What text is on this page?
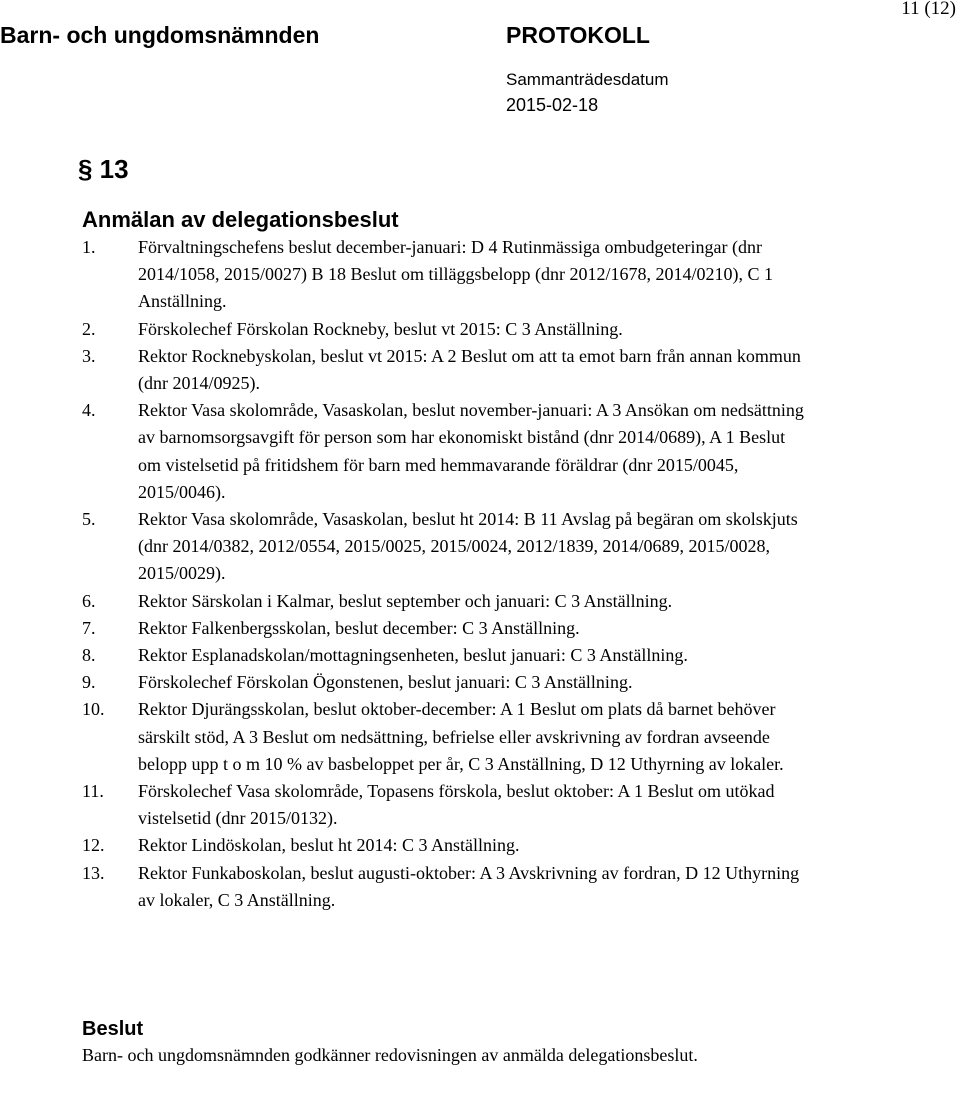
Barn- och ungdomsnämnden	PROTOKOLL
11 (12)
Sammanträdesdatum
2015-02-18
§ 13
Anmälan av delegationsbeslut
1. Förvaltningschefens beslut december-januari: D 4 Rutinmässiga ombudgeteringar (dnr 2014/1058, 2015/0027) B 18 Beslut om tilläggsbelopp (dnr 2012/1678, 2014/0210), C 1 Anställning.
2. Förskolechef Förskolan Rockneby, beslut vt 2015: C 3 Anställning.
3. Rektor Rocknebyskolan, beslut vt 2015: A 2 Beslut om att ta emot barn från annan kommun (dnr 2014/0925).
4. Rektor Vasa skolområde, Vasaskolan, beslut november-januari: A 3 Ansökan om nedsättning av barnomsorgsavgift för person som har ekonomiskt bistånd (dnr 2014/0689), A 1 Beslut om vistelsetid på fritidshem för barn med hemmavarande föräldrar (dnr 2015/0045, 2015/0046).
5. Rektor Vasa skolområde, Vasaskolan, beslut ht 2014: B 11 Avslag på begäran om skolskjuts (dnr 2014/0382, 2012/0554, 2015/0025, 2015/0024, 2012/1839, 2014/0689, 2015/0028, 2015/0029).
6. Rektor Särskolan i Kalmar, beslut september och januari: C 3 Anställning.
7. Rektor Falkenbergsskolan, beslut december: C 3 Anställning.
8. Rektor Esplanadskolan/mottagningsenheten, beslut januari: C 3 Anställning.
9. Förskolechef Förskolan Ögonstenen, beslut januari: C 3 Anställning.
10. Rektor Djurängsskolan, beslut oktober-december: A 1 Beslut om plats då barnet behöver särskilt stöd, A 3 Beslut om nedsättning, befrielse eller avskrivning av fordran avseende belopp upp t o m 10 % av basbeloppet per år, C 3 Anställning, D 12 Uthyrning av lokaler.
11. Förskolechef Vasa skolområde, Topasens förskola, beslut oktober: A 1 Beslut om utökad vistelsetid (dnr 2015/0132).
12. Rektor Lindöskolan, beslut ht 2014: C 3 Anställning.
13. Rektor Funkaboskolan, beslut augusti-oktober: A 3 Avskrivning av fordran, D 12 Uthyrning av lokaler, C 3 Anställning.
Beslut

Barn- och ungdomsnämnden godkänner redovisningen av anmälda delegationsbeslut.
